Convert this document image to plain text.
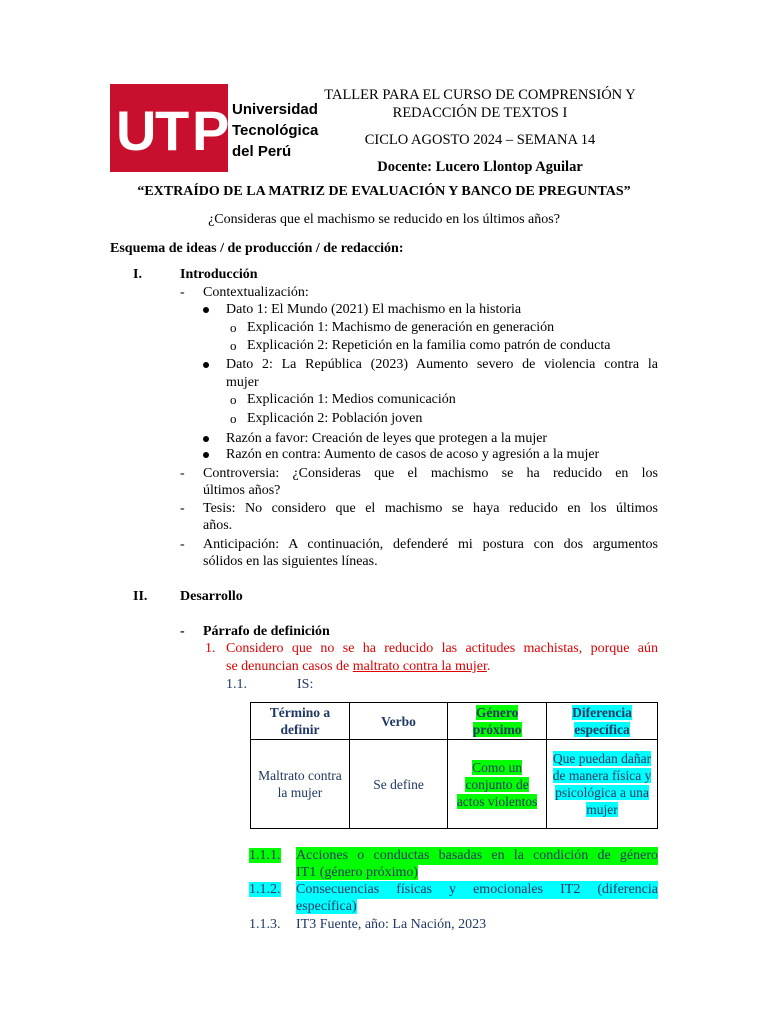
U
T P Universidad
Tecnológica
del Perú
TALLER PARA EL CURSO DE COMPRENSIÓN Y
REDACCIÓN DE TEXTOS I
CICLO AGOSTO 2024 – SEMANA 14
Docente: Lucero Llontop Aguilar
“EXTRAÍDO DE LA MATRIZ DE EVALUACIÓN Y BANCO DE PREGUNTAS”
¿Consideras que el machismo se reducido en los últimos años?
Esquema de ideas / de producción / de redacción:
I.	Introducción
- Contextualización:
Dato 1: El Mundo (2021) El machismo en la historia
o Explicación 1: Machismo de generación en generación
o Explicación 2: Repetición en la familia como patrón de conducta
Dato 2: La República (2023) Aumento severo de violencia contra la
mujer
o Explicación 1: Medios comunicación
o Explicación 2: Población joven
Razón a favor: Creación de leyes que protegen a la mujer
Razón en contra: Aumento de casos de acoso y agresión a la mujer
- Controversia: ¿Consideras que el machismo se ha reducido en los
últimos años?
- Tesis: No considero que el machismo se haya reducido en los últimos
años.
- Anticipación: A continuación, defenderé mi postura con dos argumentos
sólidos en las siguientes líneas.
II. Desarrollo
- Párrafo de definición
1. Considero que no se ha reducido las actitudes machistas, porque aún
se denuncian casos de maltrato contra la mujer.
1.1.	IS:
Término a definir	Verbo	Género próximo	Diferencia específica
Maltrato contra la mujer	Se define	Como un conjunto de actos violentos	Que puedan dañar de manera física y psicológica a una mujer
1.1.1. Acciones o conductas basadas en la condición de género
IT1 (género próximo)
1.1.2. Consecuencias físicas y emocionales IT2 (diferencia
específica)
1.1.3. IT3 Fuente, año: La Nación, 2023
